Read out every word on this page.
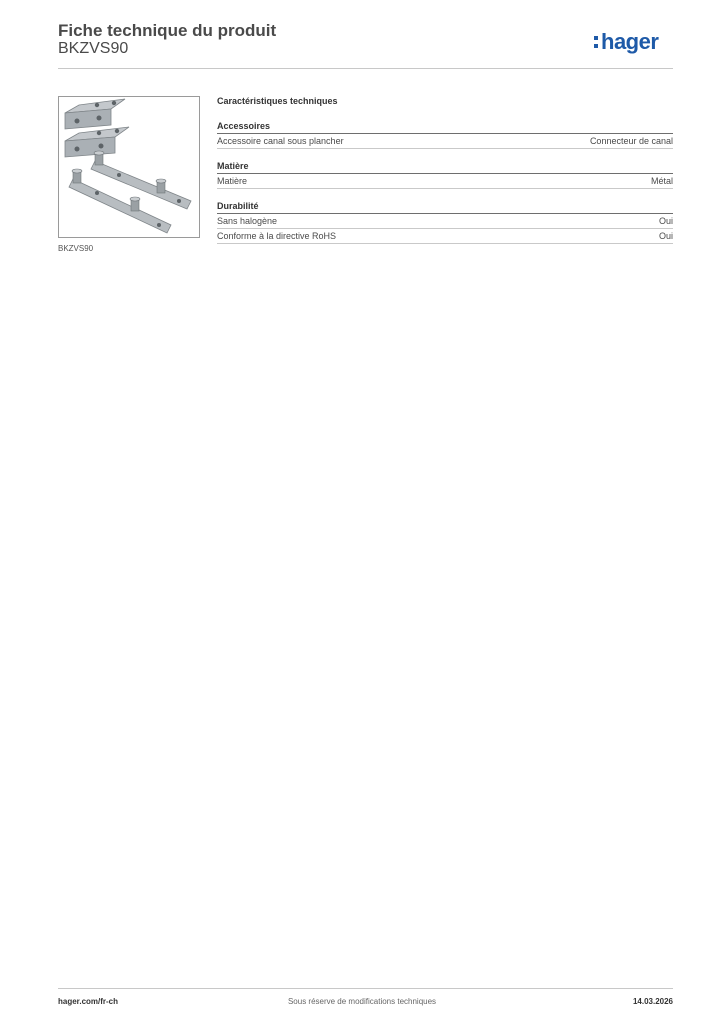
Fiche technique du produit
BKZVS90	hager
BKZVS90
Caractéristiques techniques
Accessoires
Accessoire canal sous plancher	Connecteur de canal
Matière
Matière	Métal
Durabilité
Sans halogène	Oui
Conforme à la directive RoHS	Oui
hager.com/fr-ch	Sous réserve de modifications techniques	14.03.2026
